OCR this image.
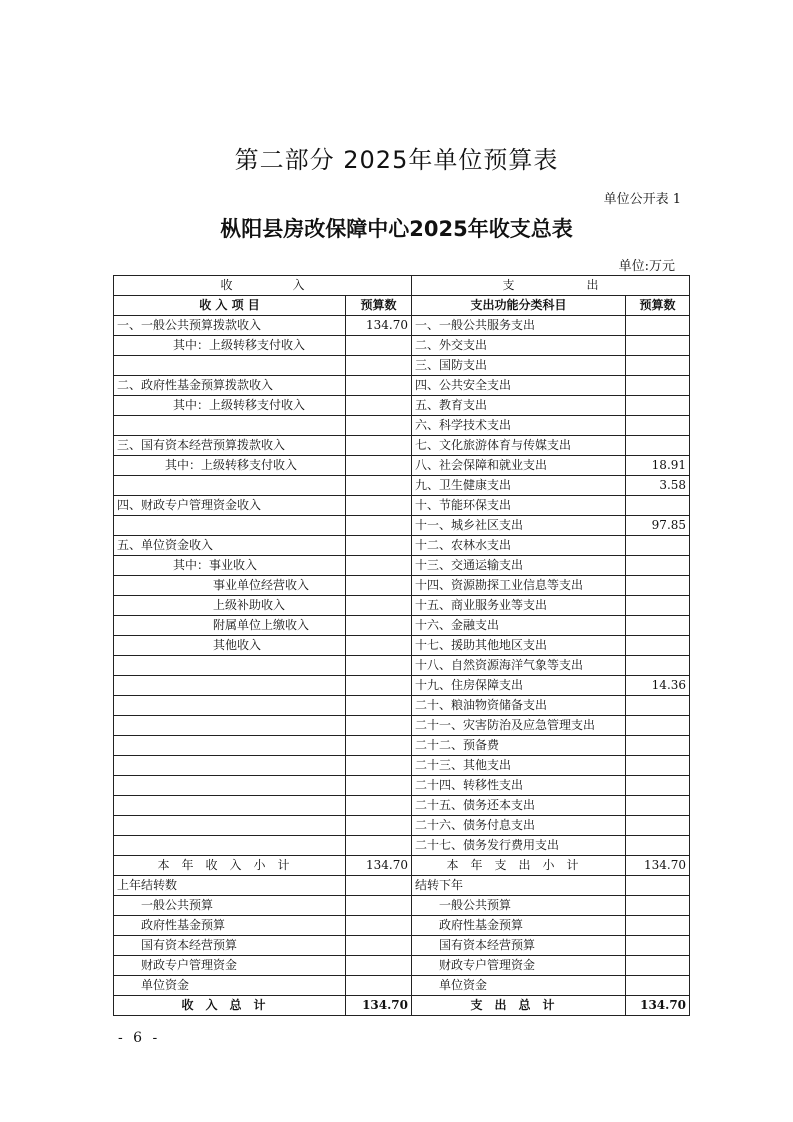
第二部分 2025年单位预算表
单位公开表 1
枞阳县房改保障中心2025年收支总表
单位:万元
收　　　　　入		支　　　　　　出	
收 入 项 目	预算数	支出功能分类科目	预算数
一、一般公共预算拨款收入	134.70	一、一般公共服务支出	
其中：上级转移支付收入		二、外交支出	
		三、国防支出	
二、政府性基金预算拨款收入		四、公共安全支出	
其中：上级转移支付收入		五、教育支出	
		六、科学技术支出	
三、国有资本经营预算拨款收入		七、文化旅游体育与传媒支出	
其中：上级转移支付收入		八、社会保障和就业支出	18.91
		九、卫生健康支出	3.58
四、财政专户管理资金收入		十、节能环保支出	
		十一、城乡社区支出	97.85
五、单位资金收入		十二、农林水支出	
其中：事业收入		十三、交通运输支出	
事业单位经营收入		十四、资源勘探工业信息等支出	
上级补助收入		十五、商业服务业等支出	
附属单位上缴收入		十六、金融支出	
其他收入		十七、援助其他地区支出	
		十八、自然资源海洋气象等支出	
		十九、住房保障支出	14.36
		二十、粮油物资储备支出	
		二十一、灾害防治及应急管理支出	
		二十二、预备费	
		二十三、其他支出	
		二十四、转移性支出	
		二十五、债务还本支出	
		二十六、债务付息支出	
		二十七、债务发行费用支出	
本年收入小计	134.70	本年支出小计	134.70
上年结转数		结转下年	
一般公共预算		一般公共预算	
政府性基金预算		政府性基金预算	
国有资本经营预算		国有资本经营预算	
财政专户管理资金		财政专户管理资金	
单位资金		单位资金	
收入总计	134.70	支出总计	134.70
- 6 -
